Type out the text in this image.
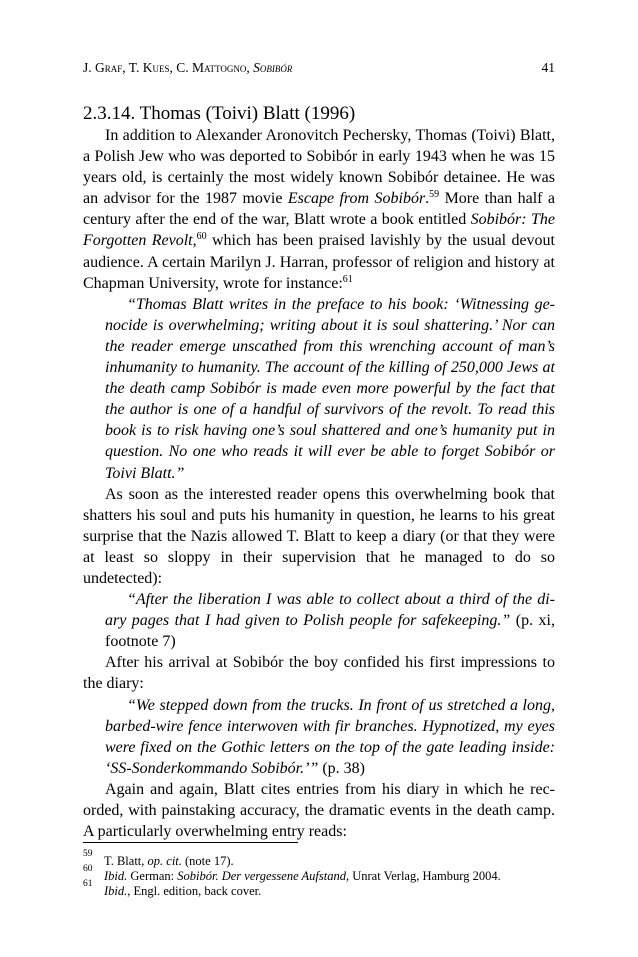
J. Graf, T. Kues, C. Mattogno, Sobibór	41
2.3.14. Thomas (Toivi) Blatt (1996)

In addition to Alexander Aronovitch Pechersky, Thomas (Toivi) Blatt, a Polish Jew who was deported to Sobibór in early 1943 when he was 15 years old, is certainly the most widely known Sobibór detainee. He was an advisor for the 1987 movie Escape from Sobibór.$^{59}$ More than half a century after the end of the war, Blatt wrote a book entitled Sobibór: The Forgotten Revolt,$^{60}$ which has been praised lavishly by the usual devout audience. A certain Marilyn J. Harran, professor of religion and history at Chapman University, wrote for instance:$^{61}$

“Thomas Blatt writes in the preface to his book: ‘Witnessing genocide is overwhelming; writing about it is soul shattering.’ Nor can the reader emerge unscathed from this wrenching account of man’s inhumanity to humanity. The account of the killing of 250,000 Jews at the death camp Sobibór is made even more powerful by the fact that the author is one of a handful of survivors of the revolt. To read this book is to risk having one’s soul shattered and one’s humanity put in question. No one who reads it will ever be able to forget Sobibór or Toivi Blatt.”

As soon as the interested reader opens this overwhelming book that shatters his soul and puts his humanity in question, he learns to his great surprise that the Nazis allowed T. Blatt to keep a diary (or that they were at least so sloppy in their supervision that he managed to do so undetected):

“After the liberation I was able to collect about a third of the diary pages that I had given to Polish people for safekeeping.” (p. xi, footnote 7)

After his arrival at Sobibór the boy confided his first impressions to the diary:

“We stepped down from the trucks. In front of us stretched a long, barbed-wire fence interwoven with fir branches. Hypnotized, my eyes were fixed on the Gothic letters on the top of the gate leading inside: ‘SS-Sonderkommando Sobibór.’” (p. 38)

Again and again, Blatt cites entries from his diary in which he recorded, with painstaking accuracy, the dramatic events in the death camp. A particularly overwhelming entry reads:

59 T. Blatt, op. cit. (note 17).
60 Ibid. German: Sobibór. Der vergessene Aufstand, Unrat Verlag, Hamburg 2004.
61 Ibid., Engl. edition, back cover.
